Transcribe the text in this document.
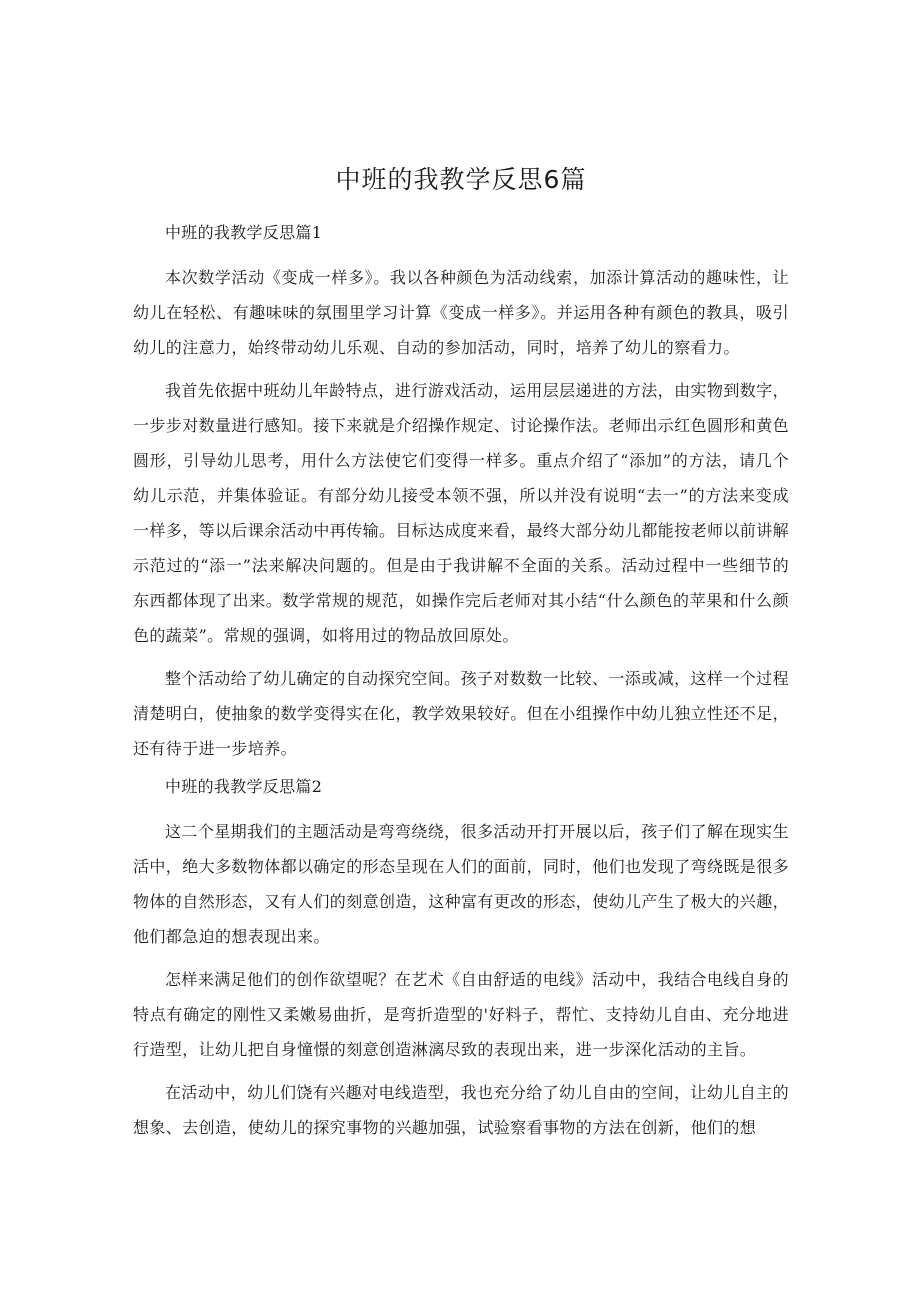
中班的我教学反思6篇

中班的我教学反思篇1

本次数学活动《变成一样多》。我以各种颜色为活动线索，加添计算活动的趣味性，让幼儿在轻松、有趣味味的氛围里学习计算《变成一样多》。并运用各种有颜色的教具，吸引幼儿的注意力，始终带动幼儿乐观、自动的参加活动，同时，培养了幼儿的察看力。

我首先依据中班幼儿年龄特点，进行游戏活动，运用层层递进的方法，由实物到数字，一步步对数量进行感知。接下来就是介绍操作规定、讨论操作法。老师出示红色圆形和黄色圆形，引导幼儿思考，用什么方法使它们变得一样多。重点介绍了“添加”的方法，请几个幼儿示范，并集体验证。有部分幼儿接受本领不强，所以并没有说明“去一”的方法来变成一样多，等以后课余活动中再传输。目标达成度来看，最终大部分幼儿都能按老师以前讲解示范过的“添一”法来解决问题的。但是由于我讲解不全面的关系。活动过程中一些细节的东西都体现了出来。数学常规的规范，如操作完后老师对其小结“什么颜色的苹果和什么颜色的蔬菜”。常规的强调，如将用过的物品放回原处。

整个活动给了幼儿确定的自动探究空间。孩子对数数一比较、一添或减，这样一个过程清楚明白，使抽象的数学变得实在化，教学效果较好。但在小组操作中幼儿独立性还不足，还有待于进一步培养。

中班的我教学反思篇2

这二个星期我们的主题活动是弯弯绕绕，很多活动开打开展以后，孩子们了解在现实生活中，绝大多数物体都以确定的形态呈现在人们的面前，同时，他们也发现了弯绕既是很多物体的自然形态，又有人们的刻意创造，这种富有更改的形态，使幼儿产生了极大的兴趣，他们都急迫的想表现出来。

怎样来满足他们的创作欲望呢？在艺术《自由舒适的电线》活动中，我结合电线自身的特点有确定的刚性又柔嫩易曲折，是弯折造型的'好料子，帮忙、支持幼儿自由、充分地进行造型，让幼儿把自身憧憬的刻意创造淋漓尽致的表现出来，进一步深化活动的主旨。

在活动中，幼儿们饶有兴趣对电线造型，我也充分给了幼儿自由的空间，让幼儿自主的想象、去创造，使幼儿的探究事物的兴趣加强，试验察看事物的方法在创新，他们的想
